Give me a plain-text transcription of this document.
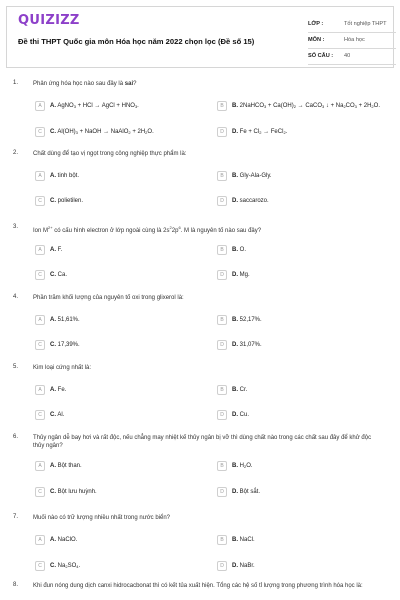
QUIZIZZ
Đề thi THPT Quốc gia môn Hóa học năm 2022 chọn lọc (Đề số 15)
LỚP :	Tốt nghiệp THPT
MÔN :	Hóa học
SỐ CÂU : 40
1. Phản ứng hóa học nào sau đây là sai?
A	A. AgNO$_3$ + HCl → AgCl + $HNO_3$.	B	B. 2NaHCO$_3$ + $Ca(OH)_2$ → CaCO$_3$ ↓ + $Na_2CO_3 + 2H_2O$.
C	C. $Al(OH)_3$ + NaOH → NaAlO$_2$ + $2H_2O$.	D	D. $Fe + Cl_2$ → FeCl$_2$.
2. Chất dùng để tạo vị ngọt trong công nghiệp thực phẩm là:
A	A. tinh bột.	B	B. Gly-Ala-Gly.
C	C. polietilen.	D	D. saccarozo.
3.
Ion $M^{2+}$ có cấu hình electron ở lớp ngoài cùng là $2s^22p^6$. M là nguyên tố nào sau đây?
A	A. F.	B	B. O.
C	C. Ca.	D	D. Mg.
4. Phần trăm khối lượng của nguyên tố oxi trong glixerol là:
A	A. 51,61%.	B	B. 52,17%.
C	C. 17,39%.	D	D. 31,07%.
5. Kim loại cứng nhất là:
A	A. Fe.	B	B. Cr.
C	C. Al.	D	D. Cu.
6. Thủy ngân dễ bay hơi và rất độc, nếu chẳng may nhiệt kế thủy ngân bị vỡ thì dùng chất nào trong các chất sau đây để khử độc thủy ngân?
A	A. Bột than.	B	B. $H_2O$.
C	C. Bột lưu huỳnh.	D	D. Bột sắt.
7. Muối nào có trữ lượng nhiều nhất trong nước biển?
A	A. NaClO.	B	B. NaCl.
C	C. $Na_2SO_4$.	D	D. NaBr.
8. Khi đun nóng dung dịch canxi hidrocacbonat thì có kết tủa xuất hiện. Tổng các hệ số tỉ lượng trong phương trình hóa học là:
